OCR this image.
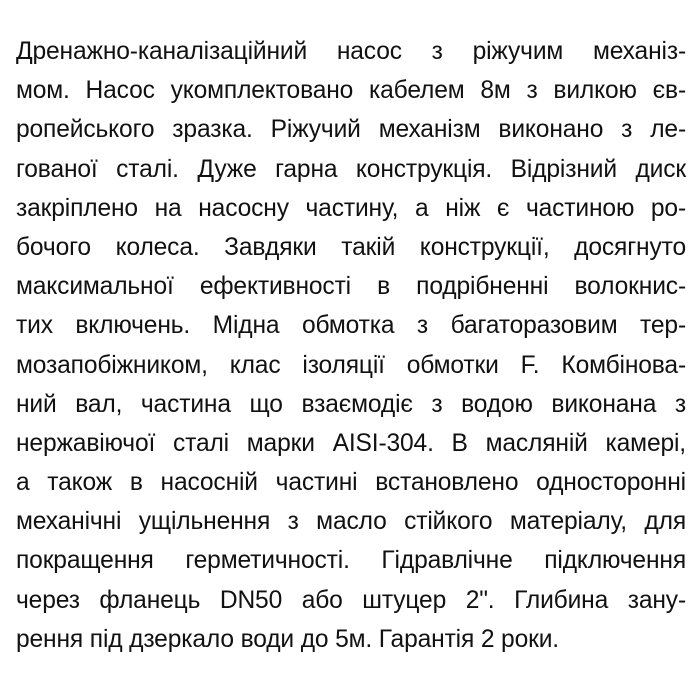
Дренажно-каналізаційний насос з ріжучим механіз-
мом. Насос укомплектовано кабелем 8м з вилкою єв-
ропейського зразка. Ріжучий механізм виконано з ле-
гованої сталі. Дуже гарна конструкція. Відрізний диск
закріплено на насосну частину, а ніж є частиною ро-
бочого колеса. Завдяки такій конструкції, досягнуто
максимальної ефективності в подрібненні волокнис-
тих включень. Мідна обмотка з багаторазовим тер-
мозапобіжником, клас ізоляції обмотки F. Комбінова-
ний вал, частина що взаємодіє з водою виконана з
нержавіючої сталі марки AISI-304. В масляній камері,
а також в насосній частині встановлено односторонні
механічні ущільнення з масло стійкого матеріалу, для
покращення герметичності. Гідравлічне підключення
через фланець DN50 або штуцер 2". Глибина зану-
рення під дзеркало води до 5м. Гарантія 2 роки.
